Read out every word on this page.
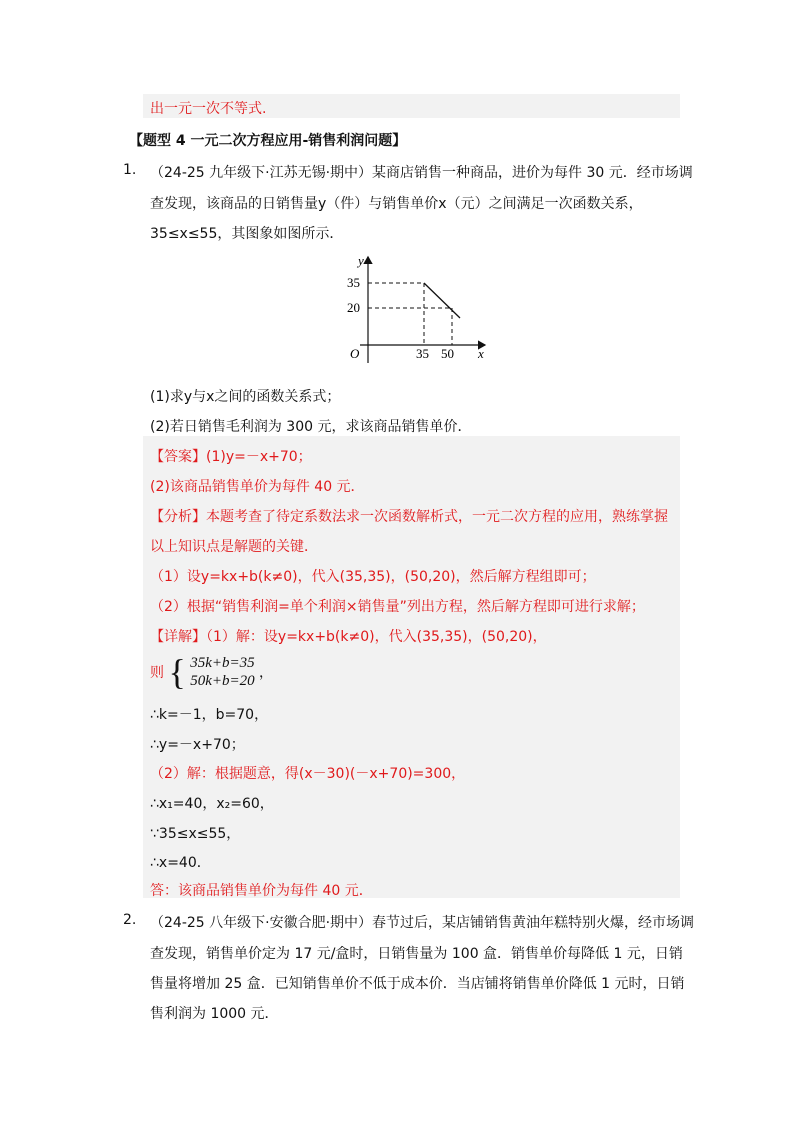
出一元一次不等式.
【题型 4 一元二次方程应用-销售利润问题】
1. （24-25 九年级下·江苏无锡·期中）某商店销售一种商品，进价为每件 30 元．经市场调
查发现，该商品的日销售量y（件）与销售单价x（元）之间满足一次函数关系，
35≤x≤55，其图象如图所示．
y
x
O
35
20
35 50
(1)求y与x之间的函数关系式；
(2)若日销售毛利润为 300 元，求该商品销售单价．
【答案】(1)y=－x+70；
(2)该商品销售单价为每件 40 元．
【分析】本题考查了待定系数法求一次函数解析式，一元二次方程的应用，熟练掌握
以上知识点是解题的关键．
（1）设y=kx+b(k≠0)，代入(35,35)，(50,20)，然后解方程组即可；
（2）根据“销售利润=单个利润×销售量”列出方程，然后解方程即可进行求解；
【详解】（1）解：设y=kx+b(k≠0)，代入(35,35)，(50,20)，
则 { 35k+b=35
50k+b=20 ，
∴k=－1，b=70，
∴y=－x+70；
（2）解：根据题意，得(x－30)(－x+70)=300，
∴x₁=40，x₂=60，
∵35≤x≤55，
∴x=40．
答：该商品销售单价为每件 40 元．
2. （24-25 八年级下·安徽合肥·期中）春节过后，某店铺销售黄油年糕特别火爆，经市场调
查发现，销售单价定为 17 元/盒时，日销售量为 100 盒．销售单价每降低 1 元，日销
售量将增加 25 盒．已知销售单价不低于成本价．当店铺将销售单价降低 1 元时，日销
售利润为 1000 元．
